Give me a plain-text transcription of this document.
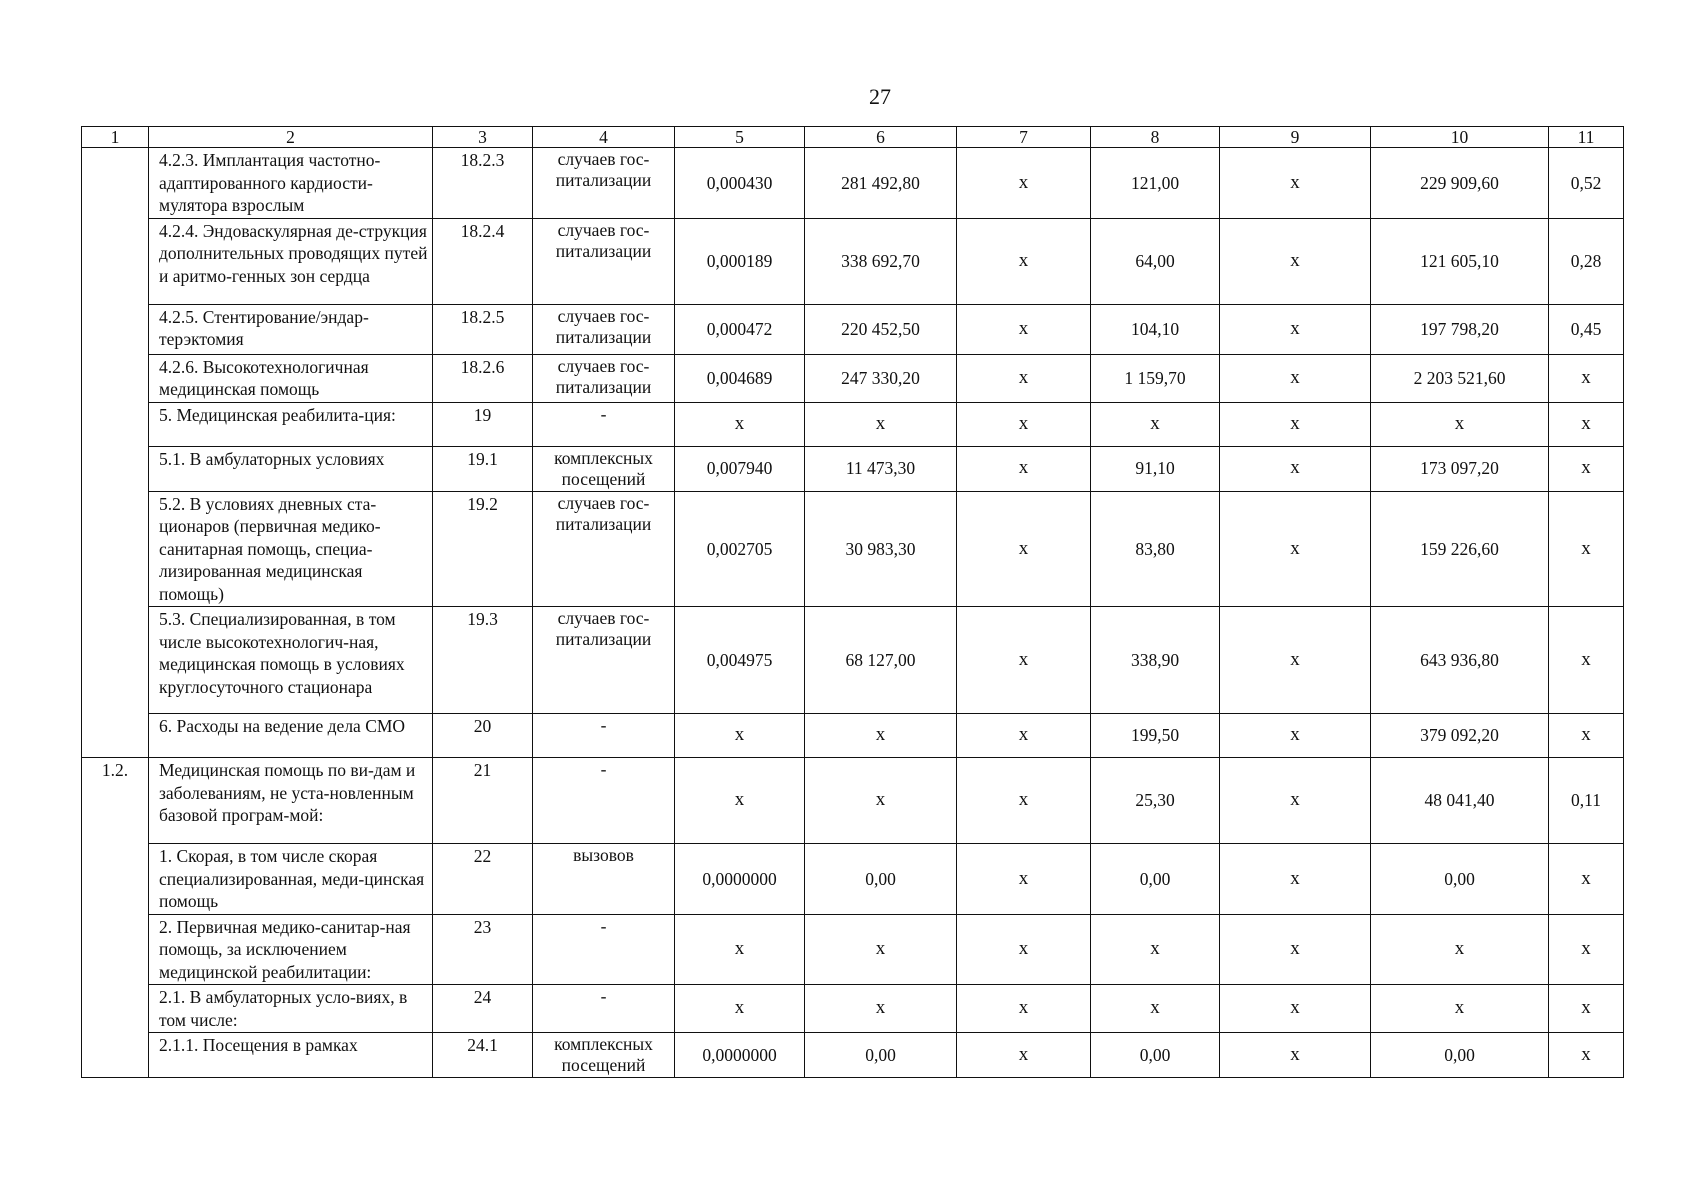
27
1	2	3	4	5	6	7	8	9	10	11
	4.2.3. Имплантация частотно-адаптированного кардиости-мулятора взрослым	18.2.3	случаев гос-питализации	0,000430	281 492,80	х	121,00	х	229 909,60	0,52
	4.2.4. Эндоваскулярная де-струкция дополнительных проводящих путей и аритмо-генных зон сердца	18.2.4	случаев гос-питализации	0,000189	338 692,70	х	64,00	х	121 605,10	0,28
	4.2.5. Стентирование/эндар-терэктомия	18.2.5	случаев гос-питализации	0,000472	220 452,50	х	104,10	х	197 798,20	0,45
	4.2.6. Высокотехнологичная медицинская помощь	18.2.6	случаев гос-питализации	0,004689	247 330,20	х	1 159,70	х	2 203 521,60	х
	5. Медицинская реабилита-ция:	19	-	х	х	х	х	х	х	х
	5.1. В амбулаторных условиях	19.1	комплексных посещений	0,007940	11 473,30	х	91,10	х	173 097,20	х
	5.2. В условиях дневных ста-ционаров (первичная медико-санитарная помощь, специа-лизированная медицинская помощь)	19.2	случаев гос-питализации	0,002705	30 983,30	х	83,80	х	159 226,60	х
	5.3. Специализированная, в том числе высокотехнологич-ная, медицинская помощь в условиях круглосуточного стационара	19.3	случаев гос-питализации	0,004975	68 127,00	х	338,90	х	643 936,80	х
	6. Расходы на ведение дела СМО	20	-	х	х	х	199,50	х	379 092,20	х
1.2.	Медицинская помощь по ви-дам и заболеваниям, не уста-новленным базовой програм-мой:	21	-	х	х	х	25,30	х	48 041,40	0,11
	1. Скорая, в том числе скорая специализированная, меди-цинская помощь	22	вызовов	0,0000000	0,00	х	0,00	х	0,00	х
	2. Первичная медико-санитар-ная помощь, за исключением медицинской реабилитации:	23	-	х	х	х	х	х	х	х
	2.1. В амбулаторных усло-виях, в том числе:	24	-	х	х	х	х	х	х	х
	2.1.1. Посещения в рамках	24.1	комплексных посещений	0,0000000	0,00	х	0,00	х	0,00	х
